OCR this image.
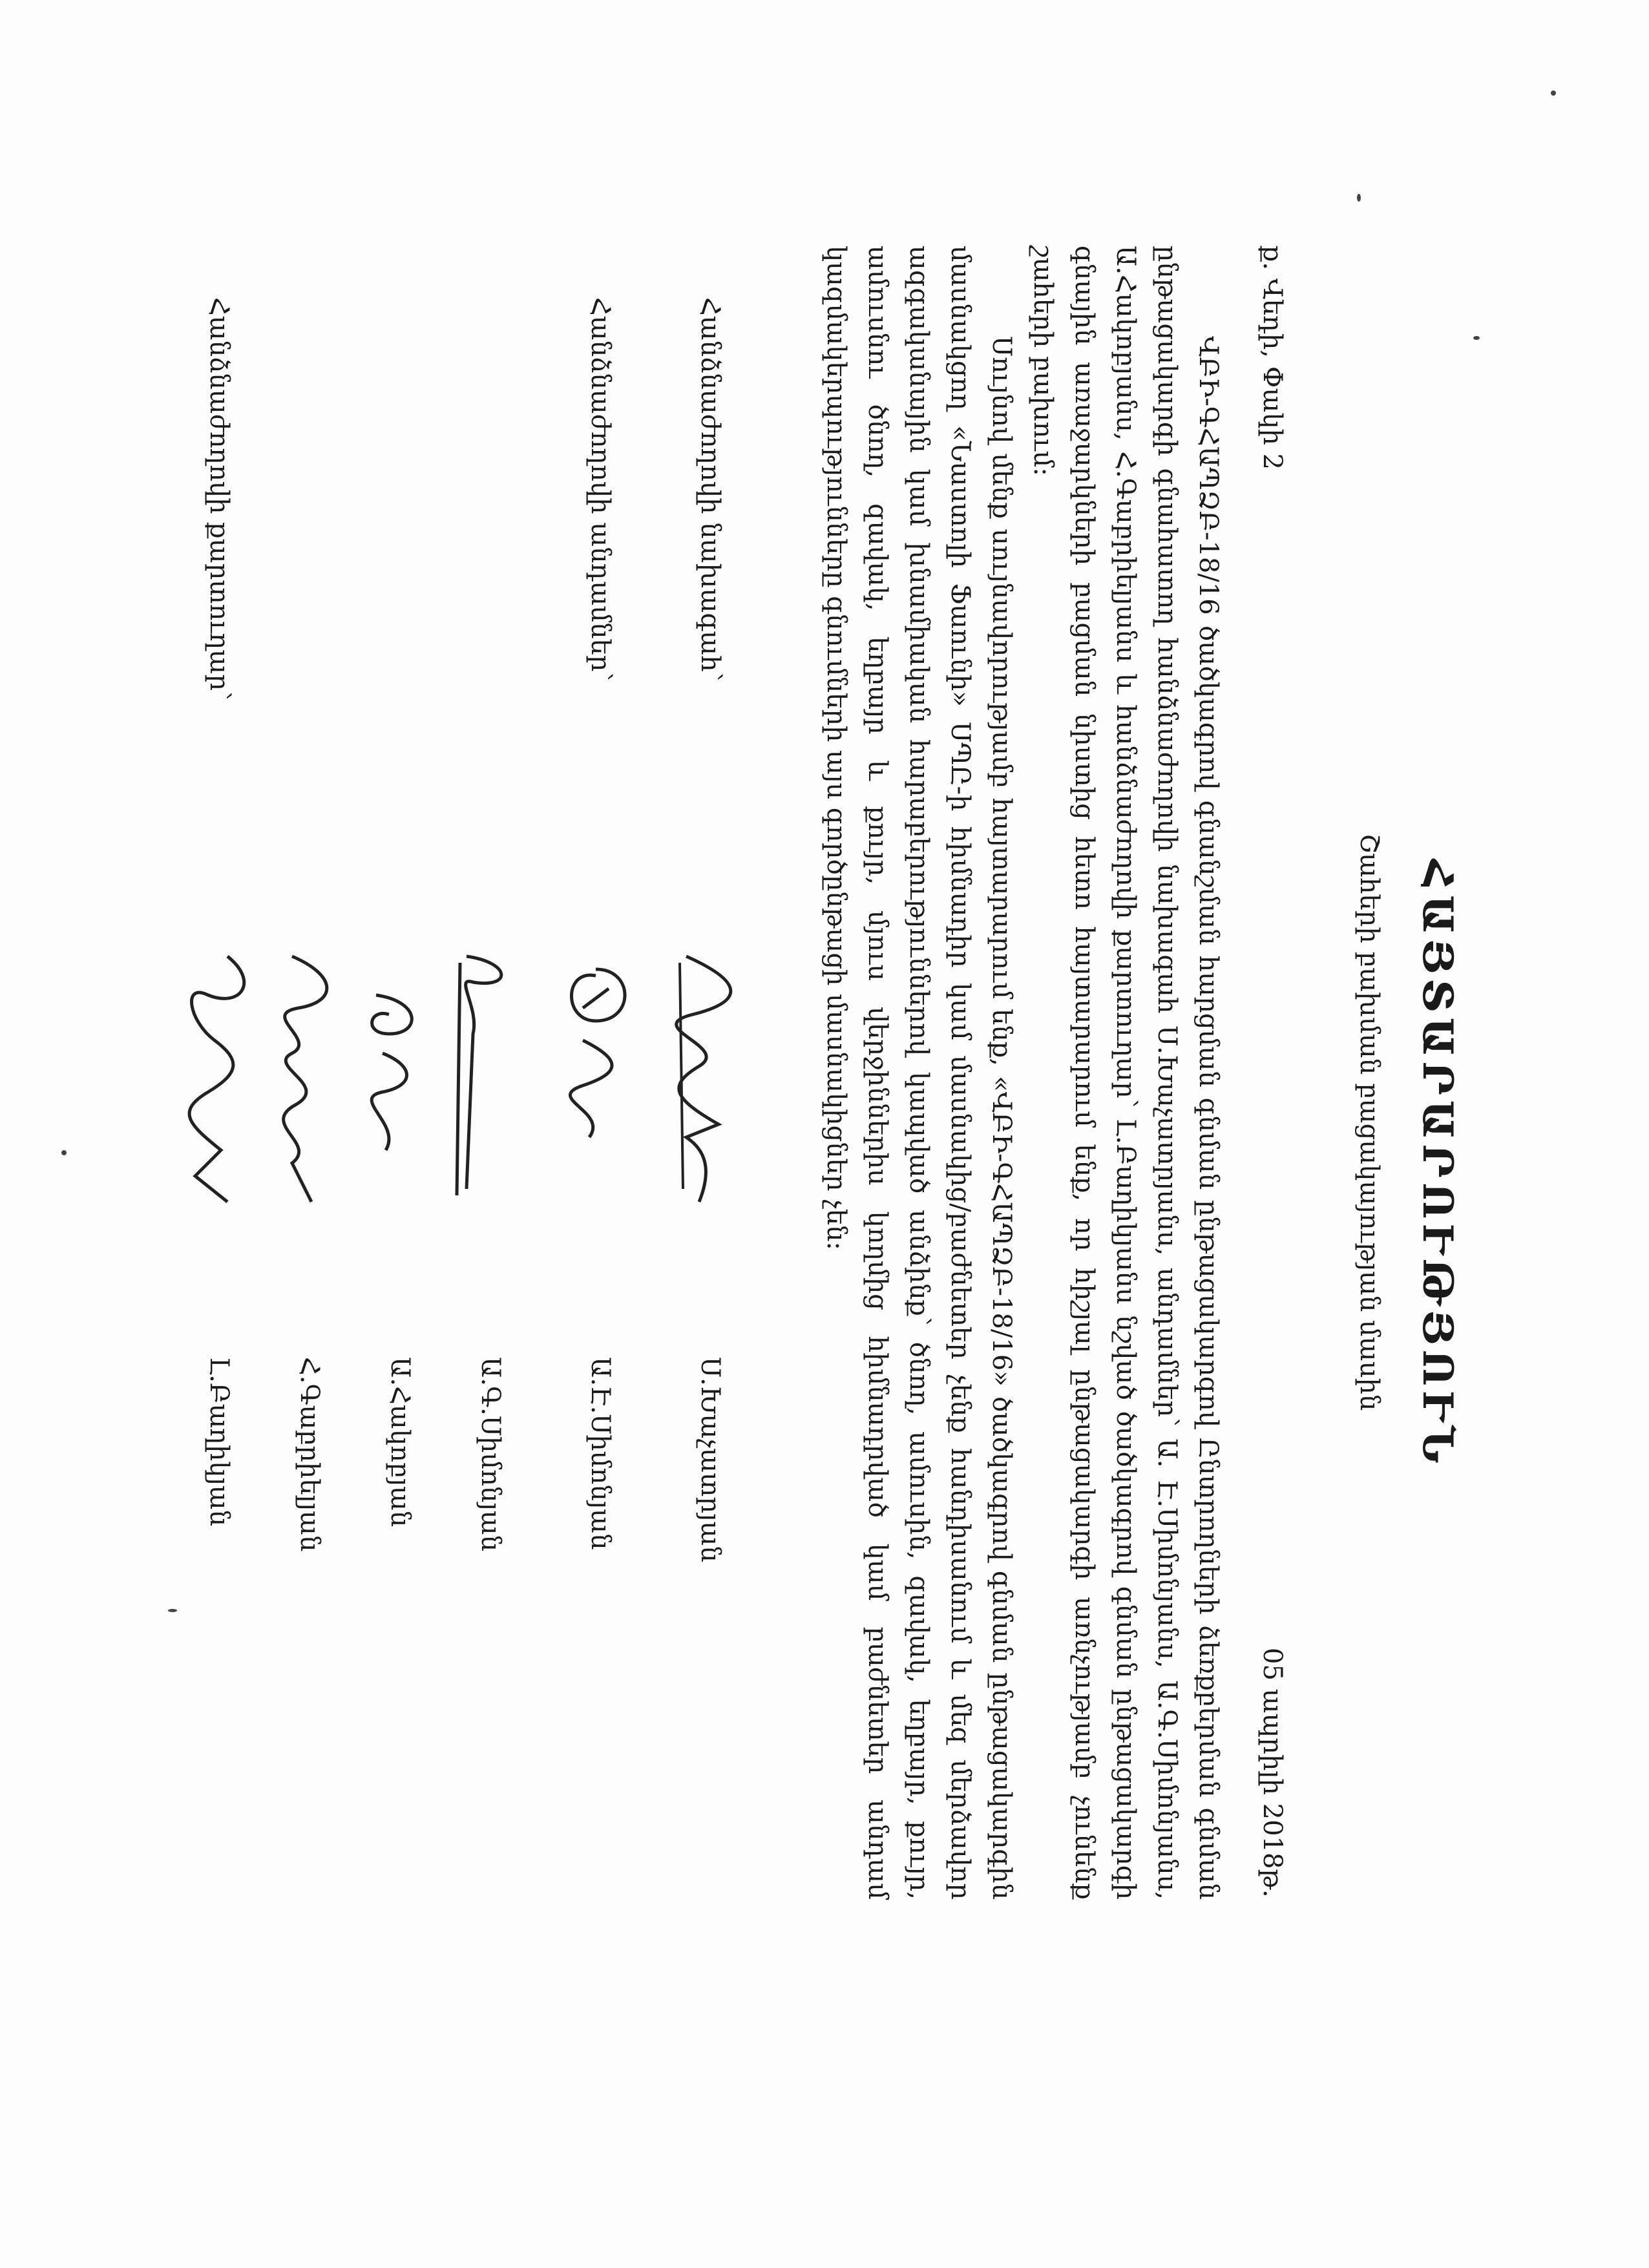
ՀԱՅՏԱՐԱՐՈՒԹՅՈՒՆ
Շահերի բախման բացակայության մասին
ք. Վեդի, Փակի 2
05 ապրիլի 2018թ.

ՎԲԻ-ԳՀԱՊՁԲ-18/16 ծածկագրով գնանշման հարցման գնման ընթացակարգով Ընտրողների ձեռքբերման գնման ընթացակարգի գնահատող հանձնաժողովի նախագահ Ս.Խաչատրյանս, անդամներ՝ Ա. Է.Սիմոնյանս, Ա.Գ.Սիմոնյանս, Ա.Հակոբյանս, Հ.Գաբրիելյանս և հանձնաժողովի քարտուղար՝ Լ.Բաղիկյանս նշված ծածկագրով գնման ընթացակարգի գնային առաջարկների բացման նիստից հետո հայտարարում ենք, որ հիշյալ ընթացակարգի առնչությամբ չունենք շահերի բախում:

Սույնով մենք սույնավորությամբ հայտարարում ենք, «ՎԲԻ-ԳՀԱՊՁԲ-18/16» ծածկագրով գնման ընթացակարգին մասնակցող «Նաստոլի Ֆաունի» ՍՊԸ-ի հիմնադիր կամ մասնակից/բաժնետեր չենք հանդիսանում և մեզ մերձավոր ազգականային կամ խնամիական հարաբերություններով կապված անձինք՝ ծնող, ամուսին, զավակ, եղբայր, քույր, ամուսնու ծնող, զավակ, եղբայր և քույր, մյուս վերջիններիս կողմից հիմնադրված կամ բաժնետեր անդամ կազմակերպությունները գնումների այս գործընթացի մասնակիցներ չեն:

Հանձնաժողովի նախագահ՝
Ս.Խաչատրյան
Հանձնաժողովի անդամներ՝
Ա.Է.Սիմոնյան
Ա.Գ.Սիմոնյան
Ա.Հակոբյան
Հ.Գաբրիելյան
Հանձնաժողովի քարտուղար՝
Լ.Բաղիկյան
